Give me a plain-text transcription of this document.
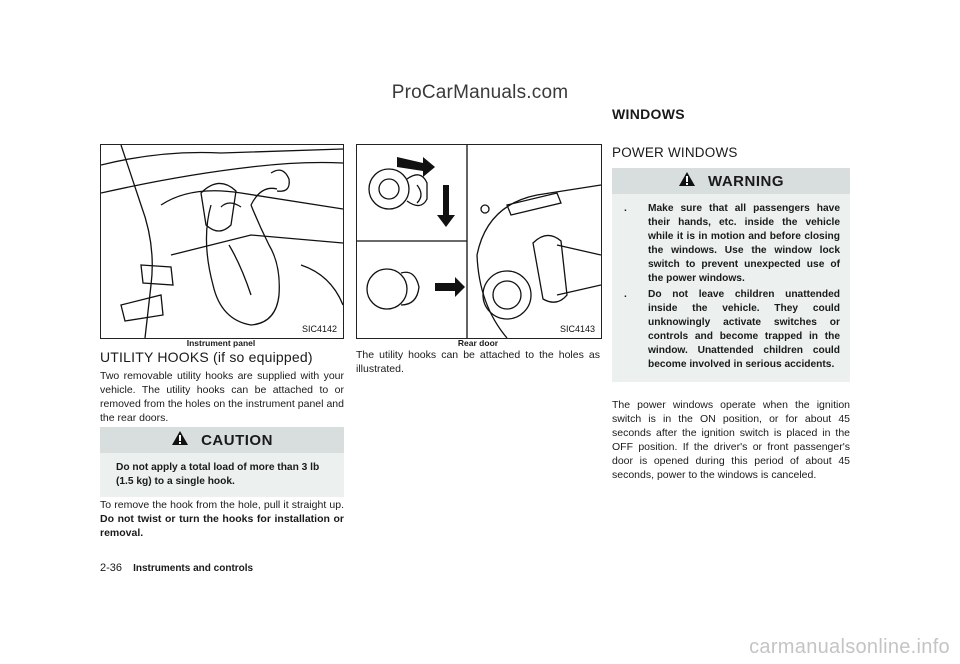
ProCarManuals.com
WINDOWS
SIC4142
Instrument panel
UTILITY HOOKS (if so equipped)

Two removable utility hooks are supplied with your vehicle. The utility hooks can be attached to or removed from the holes on the instrument panel and the rear doors.

CAUTION
Do not apply a total load of more than 3 lb (1.5 kg) to a single hook.

To remove the hook from the hole, pull it straight up. Do not twist or turn the hooks for installation or removal.

SIC4143
Rear door

The utility hooks can be attached to the holes as illustrated.

POWER WINDOWS
WARNING
.	Make sure that all passengers have their hands, etc. inside the vehicle while it is in motion and before closing the windows. Use the window lock switch to prevent unexpected use of the power windows.
.	Do not leave children unattended inside the vehicle. They could unknowingly activate switches or controls and become trapped in the window. Unattended children could become involved in serious accidents.

The power windows operate when the ignition switch is in the ON position, or for about 45 seconds after the ignition switch is placed in the OFF position. If the driver's or front passenger's door is opened during this period of about 45 seconds, power to the windows is canceled.

2-36 Instruments and controls
carmanualsonline.info
